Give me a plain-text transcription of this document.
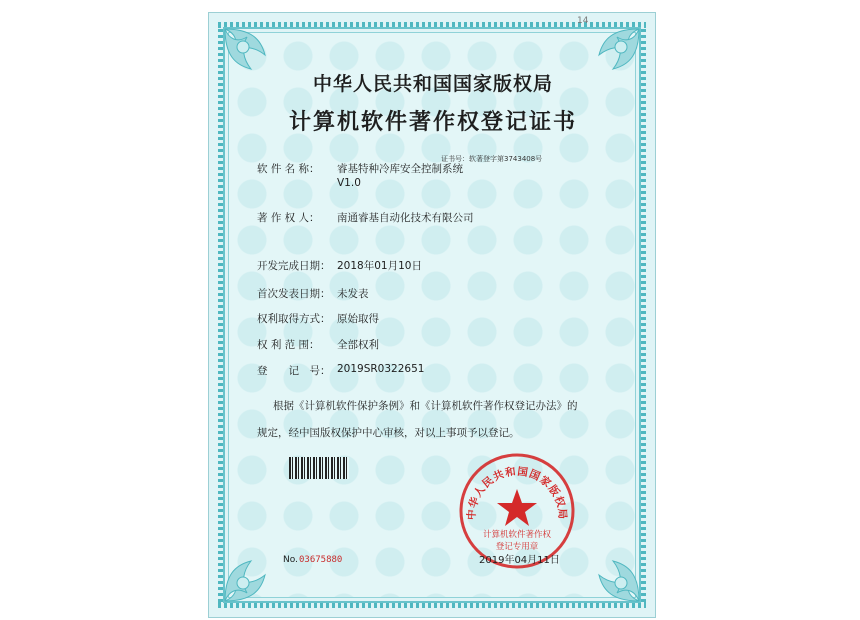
14
中华人民共和国国家版权局
计算机软件著作权登记证书
证书号：软著登字第3743408号
软 件 名 称： 睿基特种冷库安全控制系统
V1.0
著 作 权 人： 南通睿基自动化技术有限公司
开发完成日期： 2018年01月10日
首次发表日期： 未发表
权利取得方式： 原始取得
权 利 范 围： 全部权利
登　　记　号： 2019SR0322651
根据《计算机软件保护条例》和《计算机软件著作权登记办法》的
规定，经中国版权保护中心审核，对以上事项予以登记。
中华人民共和国国家版权局
计算机软件著作权
登记专用章
No. 03675880	2019年04月11日
